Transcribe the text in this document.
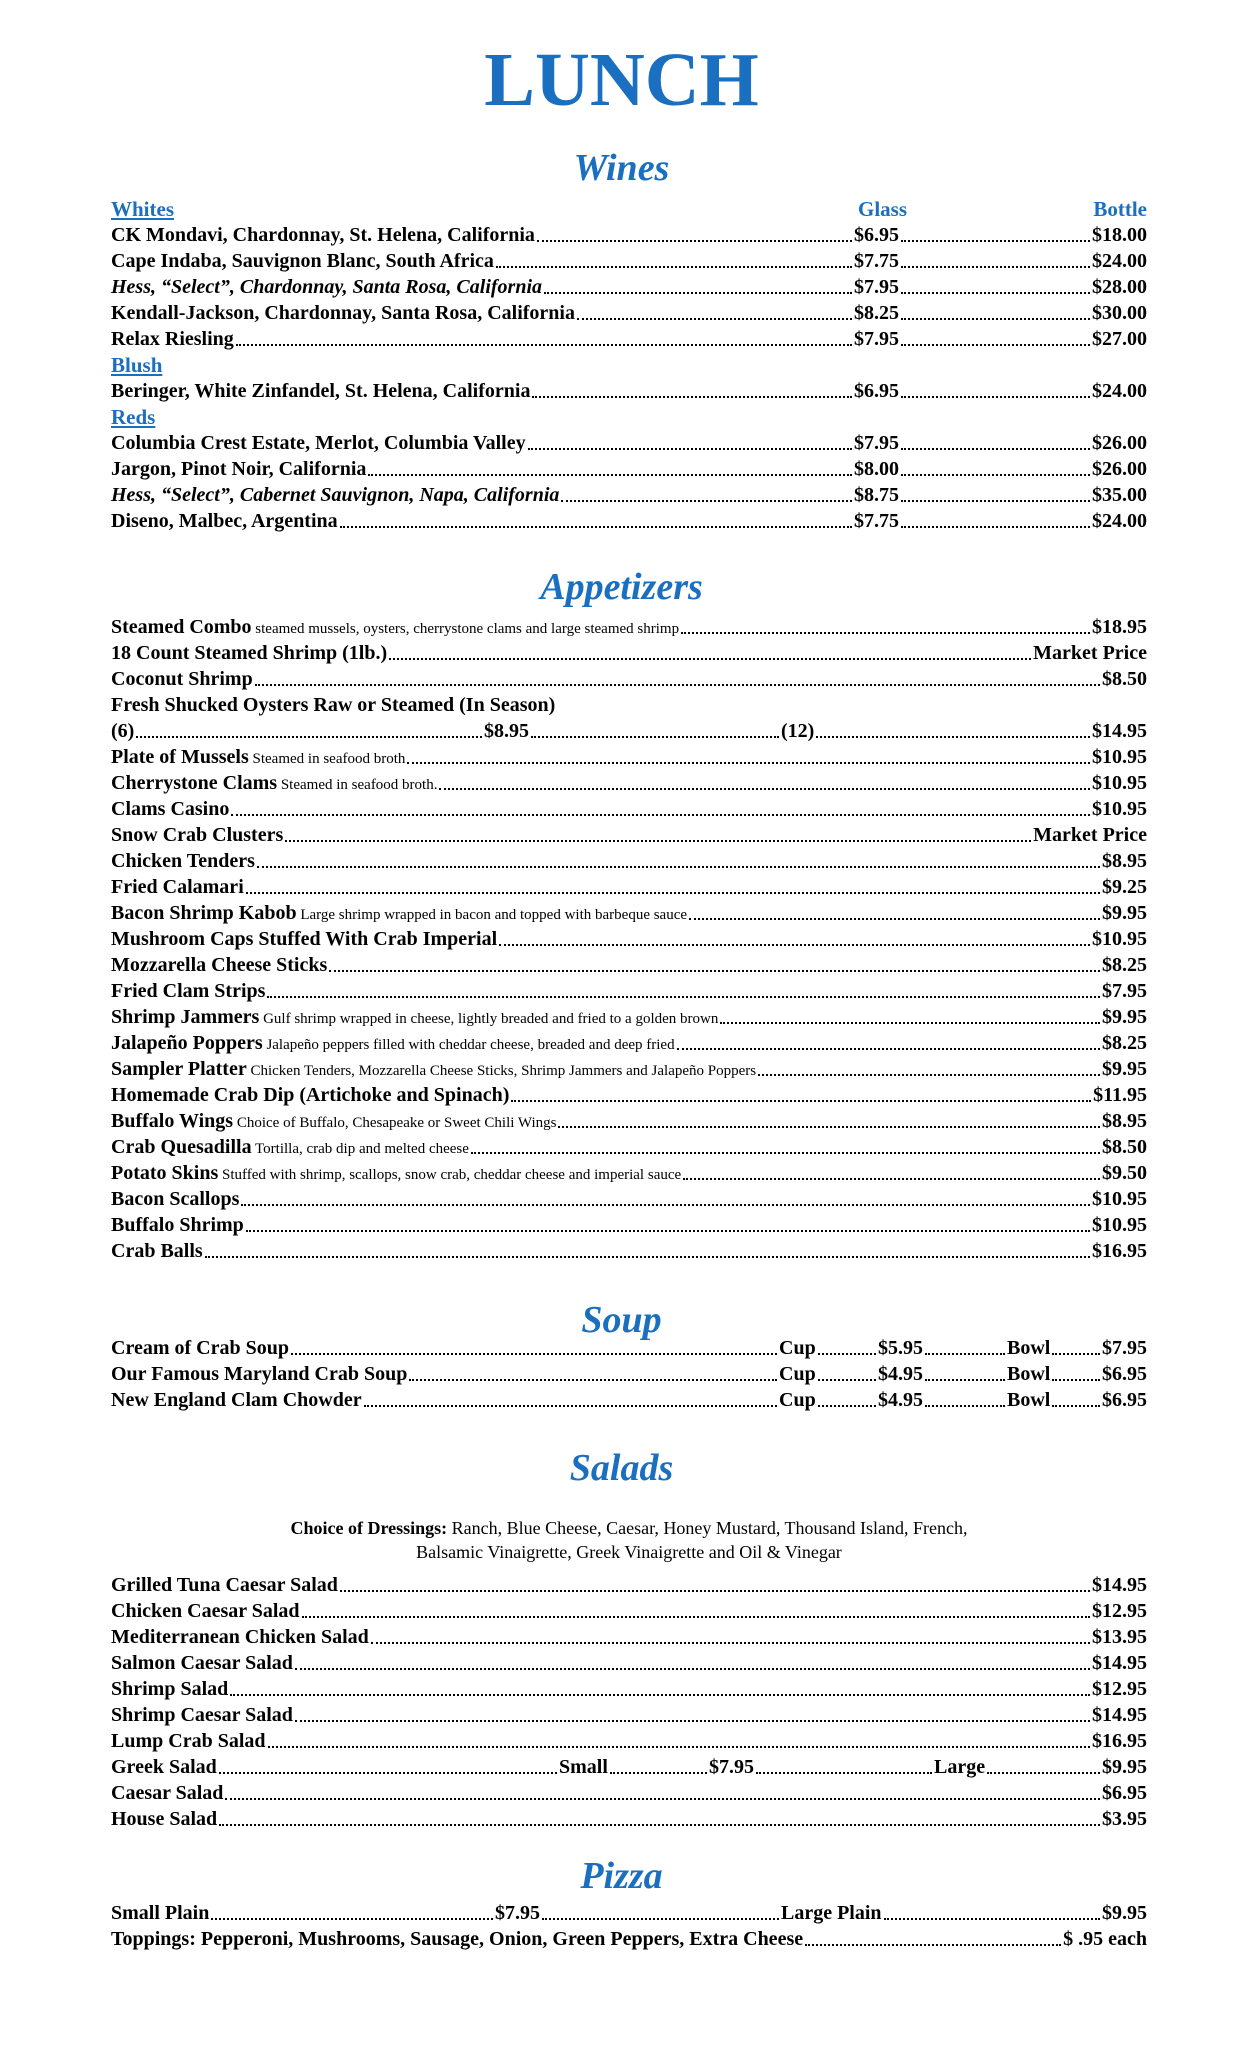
LUNCH
Wines
Whites	Glass	Bottle
CK Mondavi, Chardonnay, St. Helena, California	$6.95	$18.00
Cape Indaba, Sauvignon Blanc, South Africa	$7.75	$24.00
Hess, “Select”, Chardonnay, Santa Rosa, California	$7.95	$28.00
Kendall-Jackson, Chardonnay, Santa Rosa, California	$8.25	$30.00
Relax Riesling	$7.95	$27.00
Blush
Beringer, White Zinfandel, St. Helena, California	$6.95	$24.00
Reds
Columbia Crest Estate, Merlot, Columbia Valley	$7.95	$26.00
Jargon, Pinot Noir, California	$8.00	$26.00
Hess, “Select”, Cabernet Sauvignon, Napa, California	$8.75	$35.00
Diseno, Malbec, Argentina	$7.75	$24.00
Appetizers
Steamed Combo steamed mussels, oysters, cherrystone clams and large steamed shrimp	$18.95
18 Count Steamed Shrimp (1lb.)	Market Price
Coconut Shrimp	$8.50
Fresh Shucked Oysters Raw or Steamed (In Season)
(6)	$8.95	(12)	$14.95
Plate of Mussels Steamed in seafood broth	$10.95
Cherrystone Clams Steamed in seafood broth.	$10.95
Clams Casino	$10.95
Snow Crab Clusters	Market Price
Chicken Tenders	$8.95
Fried Calamari	$9.25
Bacon Shrimp Kabob Large shrimp wrapped in bacon and topped with barbeque sauce	$9.95
Mushroom Caps Stuffed With Crab Imperial	$10.95
Mozzarella Cheese Sticks	$8.25
Fried Clam Strips	$7.95
Shrimp Jammers Gulf shrimp wrapped in cheese, lightly breaded and fried to a golden brown	$9.95
Jalapeño Poppers Jalapeño peppers filled with cheddar cheese, breaded and deep fried	$8.25
Sampler Platter Chicken Tenders, Mozzarella Cheese Sticks, Shrimp Jammers and Jalapeño Poppers	$9.95
Homemade Crab Dip (Artichoke and Spinach)	$11.95
Buffalo Wings Choice of Buffalo, Chesapeake or Sweet Chili Wings	$8.95
Crab Quesadilla Tortilla, crab dip and melted cheese	$8.50
Potato Skins Stuffed with shrimp, scallops, snow crab, cheddar cheese and imperial sauce	$9.50
Bacon Scallops	$10.95
Buffalo Shrimp	$10.95
Crab Balls	$16.95
Soup
Cream of Crab Soup	Cup	$5.95	Bowl	$7.95
Our Famous Maryland Crab Soup	Cup	$4.95	Bowl	$6.95
New England Clam Chowder	Cup	$4.95	Bowl	$6.95
Salads
Choice of Dressings: Ranch, Blue Cheese, Caesar, Honey Mustard, Thousand Island, French,
Balsamic Vinaigrette, Greek Vinaigrette and Oil & Vinegar
Grilled Tuna Caesar Salad	$14.95
Chicken Caesar Salad	$12.95
Mediterranean Chicken Salad	$13.95
Salmon Caesar Salad	$14.95
Shrimp Salad	$12.95
Shrimp Caesar Salad	$14.95
Lump Crab Salad	$16.95
Greek Salad	Small	$7.95	Large	$9.95
Caesar Salad	$6.95
House Salad	$3.95
Pizza
Small Plain	$7.95	Large Plain	$9.95
Toppings: Pepperoni, Mushrooms, Sausage, Onion, Green Peppers, Extra Cheese	$ .95 each
